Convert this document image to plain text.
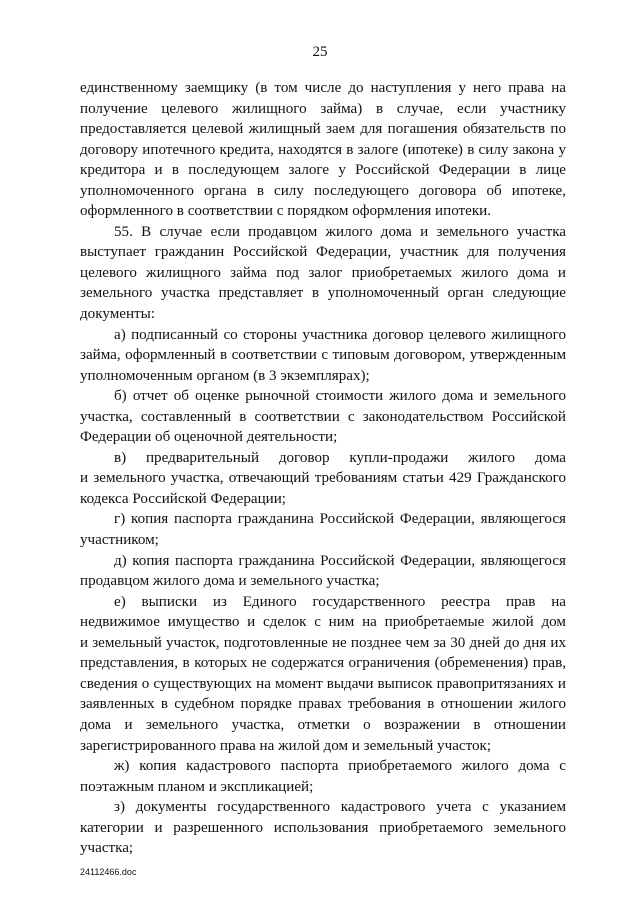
25
единственному заемщику (в том числе до наступления у него права на
получение целевого жилищного займа) в случае, если участнику
предоставляется целевой жилищный заем для погашения обязательств по
договору ипотечного кредита, находятся в залоге (ипотеке) в силу закона у
кредитора и в последующем залоге у Российской Федерации в лице
уполномоченного органа в силу последующего договора об ипотеке,
оформленного в соответствии с порядком оформления ипотеки.
55. В случае если продавцом жилого дома и земельного участка
выступает гражданин Российской Федерации, участник для получения
целевого жилищного займа под залог приобретаемых жилого дома и
земельного участка представляет в уполномоченный орган следующие
документы:
а) подписанный со стороны участника договор целевого жилищного
займа, оформленный в соответствии с типовым договором, утвержденным
уполномоченным органом (в 3 экземплярах);
б) отчет об оценке рыночной стоимости жилого дома и земельного
участка, составленный в соответствии с законодательством Российской
Федерации об оценочной деятельности;
в) предварительный договор купли-продажи жилого дома
и земельного участка, отвечающий требованиям статьи 429 Гражданского
кодекса Российской Федерации;
г) копия паспорта гражданина Российской Федерации, являющегося
участником;
д) копия паспорта гражданина Российской Федерации, являющегося
продавцом жилого дома и земельного участка;
е) выписки из Единого государственного реестра прав на
недвижимое имущество и сделок с ним на приобретаемые жилой дом
и земельный участок, подготовленные не позднее чем за 30 дней до дня их
представления, в которых не содержатся ограничения (обременения) прав,
сведения о существующих на момент выдачи выписок правопритязаниях и
заявленных в судебном порядке правах требования в отношении жилого
дома и земельного участка, отметки о возражении в отношении
зарегистрированного права на жилой дом и земельный участок;
ж) копия кадастрового паспорта приобретаемого жилого дома с
поэтажным планом и экспликацией;
з) документы государственного кадастрового учета с указанием
категории и разрешенного использования приобретаемого земельного
участка;
24112466.doc
